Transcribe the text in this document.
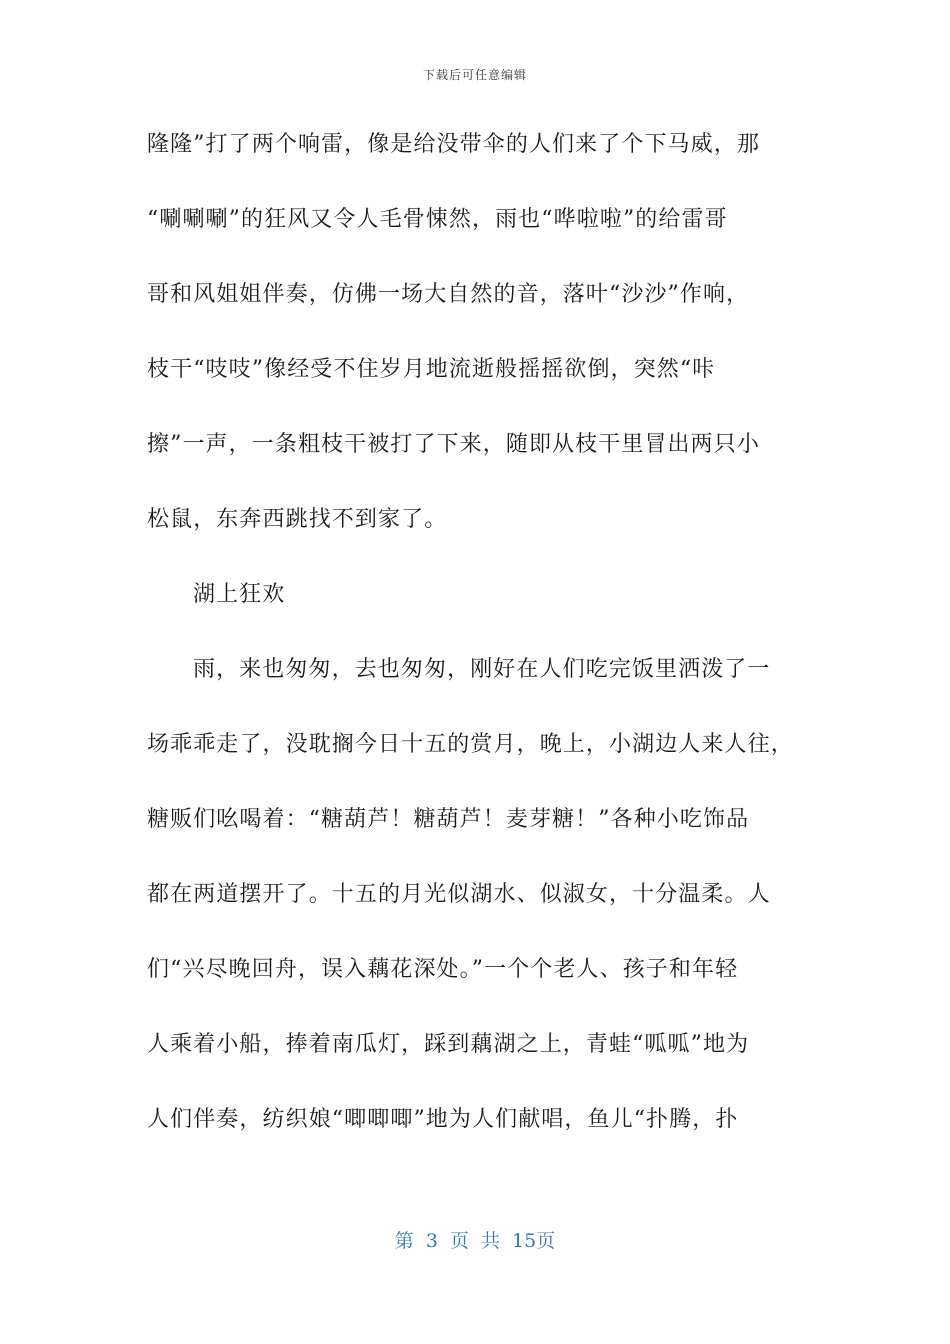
下载后可任意编辑
隆隆”打了两个响雷，像是给没带伞的人们来了个下马威，那
“唰唰唰”的狂风又令人毛骨悚然，雨也“哗啦啦”的给雷哥
哥和风姐姐伴奏，仿佛一场大自然的音，落叶“沙沙”作响，
枝干“吱吱”像经受不住岁月地流逝般摇摇欲倒，突然“咔
擦”一声，一条粗枝干被打了下来，随即从枝干里冒出两只小
松鼠，东奔西跳找不到家了。
湖上狂欢
雨，来也匆匆，去也匆匆，刚好在人们吃完饭里洒泼了一
场乖乖走了，没耽搁今日十五的赏月，晚上，小湖边人来人往，
糖贩们吆喝着：“糖葫芦！糖葫芦！麦芽糖！”各种小吃饰品
都在两道摆开了。十五的月光似湖水、似淑女，十分温柔。人
们“兴尽晚回舟，误入藕花深处。”一个个老人、孩子和年轻
人乘着小船，捧着南瓜灯，踩到藕湖之上，青蛙“呱呱”地为
人们伴奏，纺织娘“唧唧唧”地为人们献唱，鱼儿“扑腾，扑
第 3 页 共 15页
